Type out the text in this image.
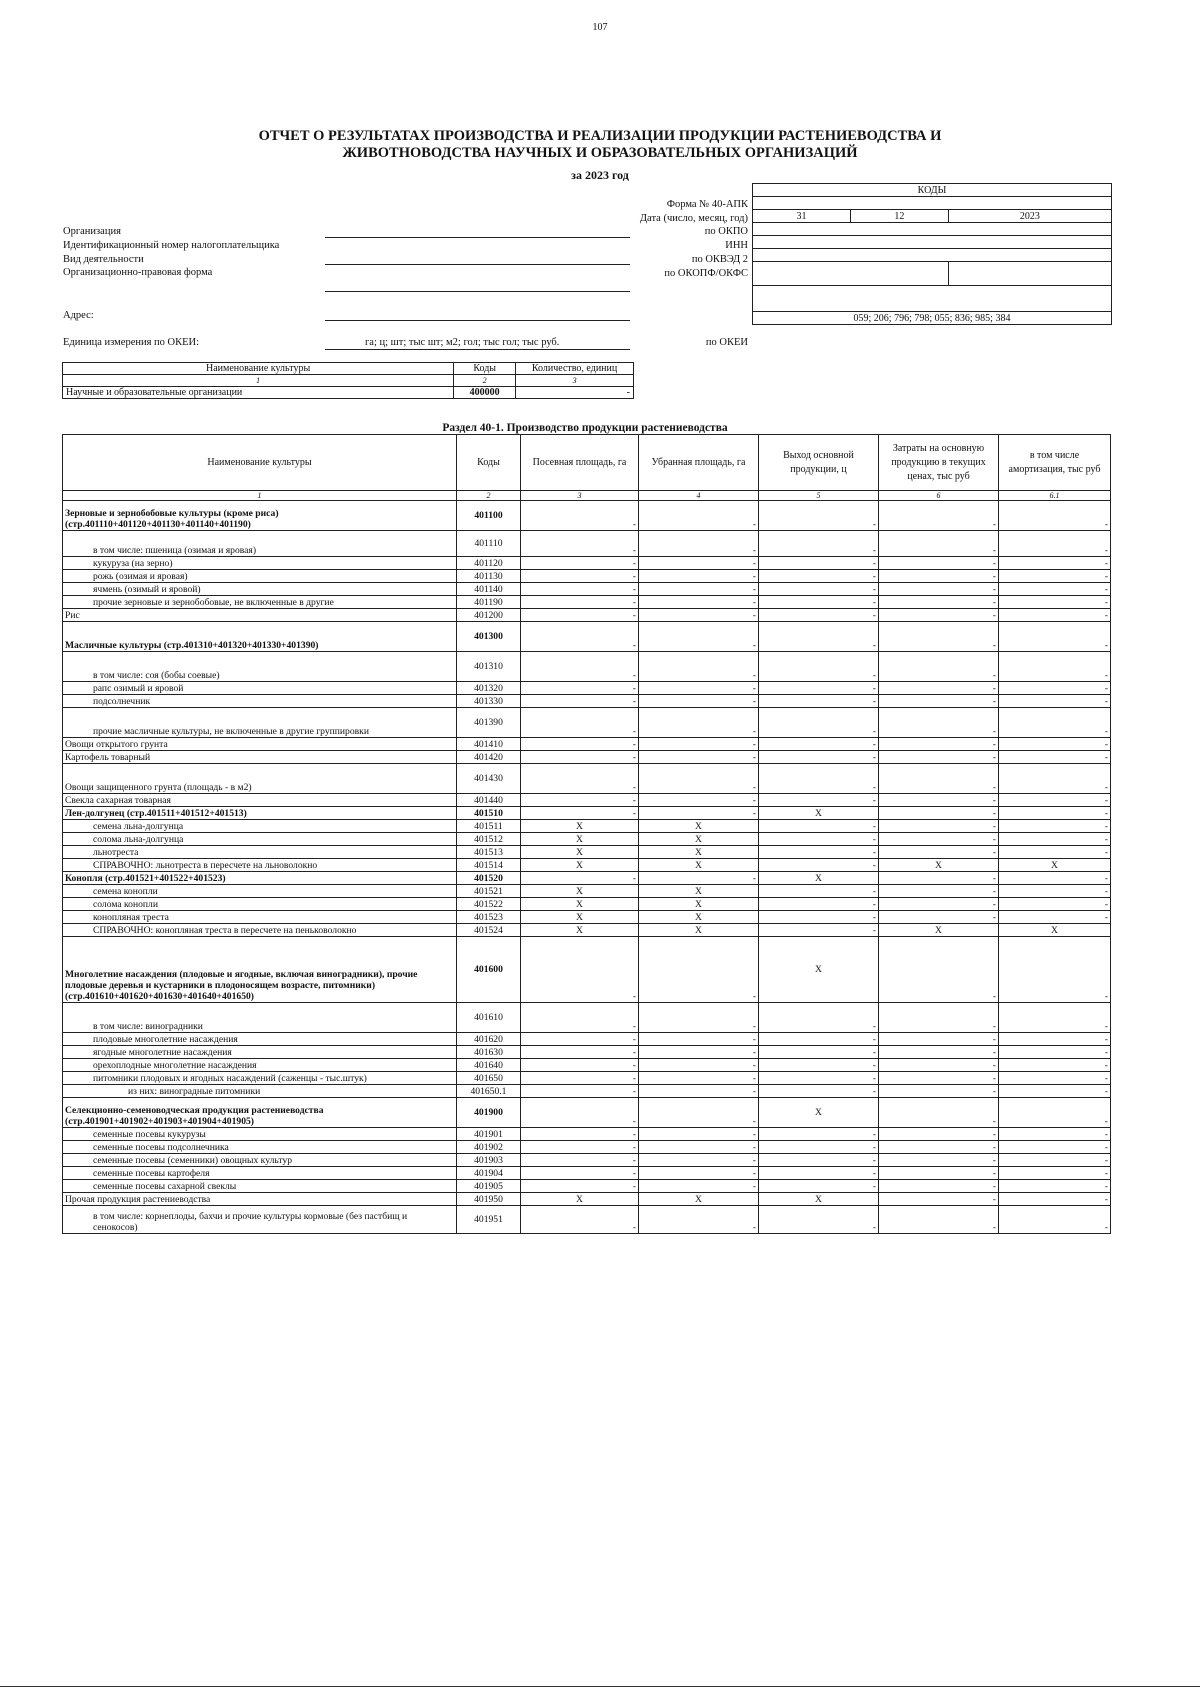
107
ОТЧЕТ О РЕЗУЛЬТАТАХ ПРОИЗВОДСТВА И РЕАЛИЗАЦИИ ПРОДУКЦИИ РАСТЕНИЕВОДСТВА И
ЖИВОТНОВОДСТВА НАУЧНЫХ И ОБРАЗОВАТЕЛЬНЫХ ОРГАНИЗАЦИЙ
за 2023 год
КОДЫ		

31	12	2023

059; 206; 796; 798; 055; 836; 985; 384		
Форма № 40-АПК
Дата (число, месяц, год)
по ОКПО
ИНН
по ОКВЭД 2
по ОКОПФ/ОКФС
по ОКЕИ
Организация
Идентификационный номер налогоплательщика
Вид деятельности
Организационно-правовая форма
Адрес:
Единица измерения по ОКЕИ:	га; ц; шт; тыс шт; м2; гол; тыс гол; тыс руб.
Наименование культуры	Коды	Количество, единиц
1	2	3
Научные и образовательные организации	400000	-
Раздел 40-1. Производство продукции растениеводства
Наименование культуры	Коды	Посевная площадь, га	Убранная площадь, га	Выход основной продукции, ц	Затраты на основную продукцию в текущих ценах, тыс руб	в том числе амортизация, тыс руб
1	2	3	4	5	6	6.1
Зерновые и зернобобовые культуры (кроме риса) (стр.401110+401120+401130+401140+401190)	401100	-	-	-	-	-
в том числе: пшеница (озимая и яровая)	401110	-	-	-	-	-
кукуруза (на зерно)	401120	-	-	-	-	-
рожь (озимая и яровая)	401130	-	-	-	-	-
ячмень (озимый и яровой)	401140	-	-	-	-	-
прочие зерновые и зернобобовые, не включенные в другие	401190	-	-	-	-	-
Рис	401200	-	-	-	-	-
Масличные культуры (стр.401310+401320+401330+401390)	401300	-	-	-	-	-
в том числе: соя (бобы соевые)	401310	-	-	-	-	-
рапс озимый и яровой	401320	-	-	-	-	-
подсолнечник	401330	-	-	-	-	-
прочие масличные культуры, не включенные в другие группировки	401390	-	-	-	-	-
Овощи открытого грунта	401410	-	-	-	-	-
Картофель товарный	401420	-	-	-	-	-
Овощи защищенного грунта (площадь - в м2)	401430	-	-	-	-	-
Свекла сахарная товарная	401440	-	-	-	-	-
Лен-долгунец (стр.401511+401512+401513)	401510	-	-	X	-	-
семена льна-долгунца	401511	X	X	-	-	-
солома льна-долгунца	401512	X	X	-	-	-
льнотреста	401513	X	X	-	-	-
СПРАВОЧНО: льнотреста в пересчете на льноволокно	401514	X	X	-	X	X
Конопля (стр.401521+401522+401523)	401520	-	-	X	-	-
семена конопли	401521	X	X	-	-	-
солома конопли	401522	X	X	-	-	-
конопляная треста	401523	X	X	-	-	-
СПРАВОЧНО: конопляная треста в пересчете на пеньковолокно	401524	X	X	-	X	X
Многолетние насаждения (плодовые и ягодные, включая виноградники), прочие плодовые деревья и кустарники в плодоносящем возрасте, питомники) (стр.401610+401620+401630+401640+401650)	401600	-	-	X	-	-
в том числе: виноградники	401610	-	-	-	-	-
плодовые многолетние насаждения	401620	-	-	-	-	-
ягодные многолетние насаждения	401630	-	-	-	-	-
орехоплодные многолетние насаждения	401640	-	-	-	-	-
питомники плодовых и ягодных насаждений (саженцы - тыс.штук)	401650	-	-	-	-	-
из них: виноградные питомники	401650.1	-	-	-	-	-
Селекционно-семеноводческая продукция растениеводства (стр.401901+401902+401903+401904+401905)	401900	-	-	X	-	-
семенные посевы кукурузы	401901	-	-	-	-	-
семенные посевы подсолнечника	401902	-	-	-	-	-
семенные посевы (семенники) овощных культур	401903	-	-	-	-	-
семенные посевы картофеля	401904	-	-	-	-	-
семенные посевы сахарной свеклы	401905	-	-	-	-	-
Прочая продукция растениеводства	401950	X	X	X	-	-
в том числе: корнеплоды, бахчи и прочие культуры кормовые (без пастбищ и сенокосов)	401951	-	-	-	-	-
